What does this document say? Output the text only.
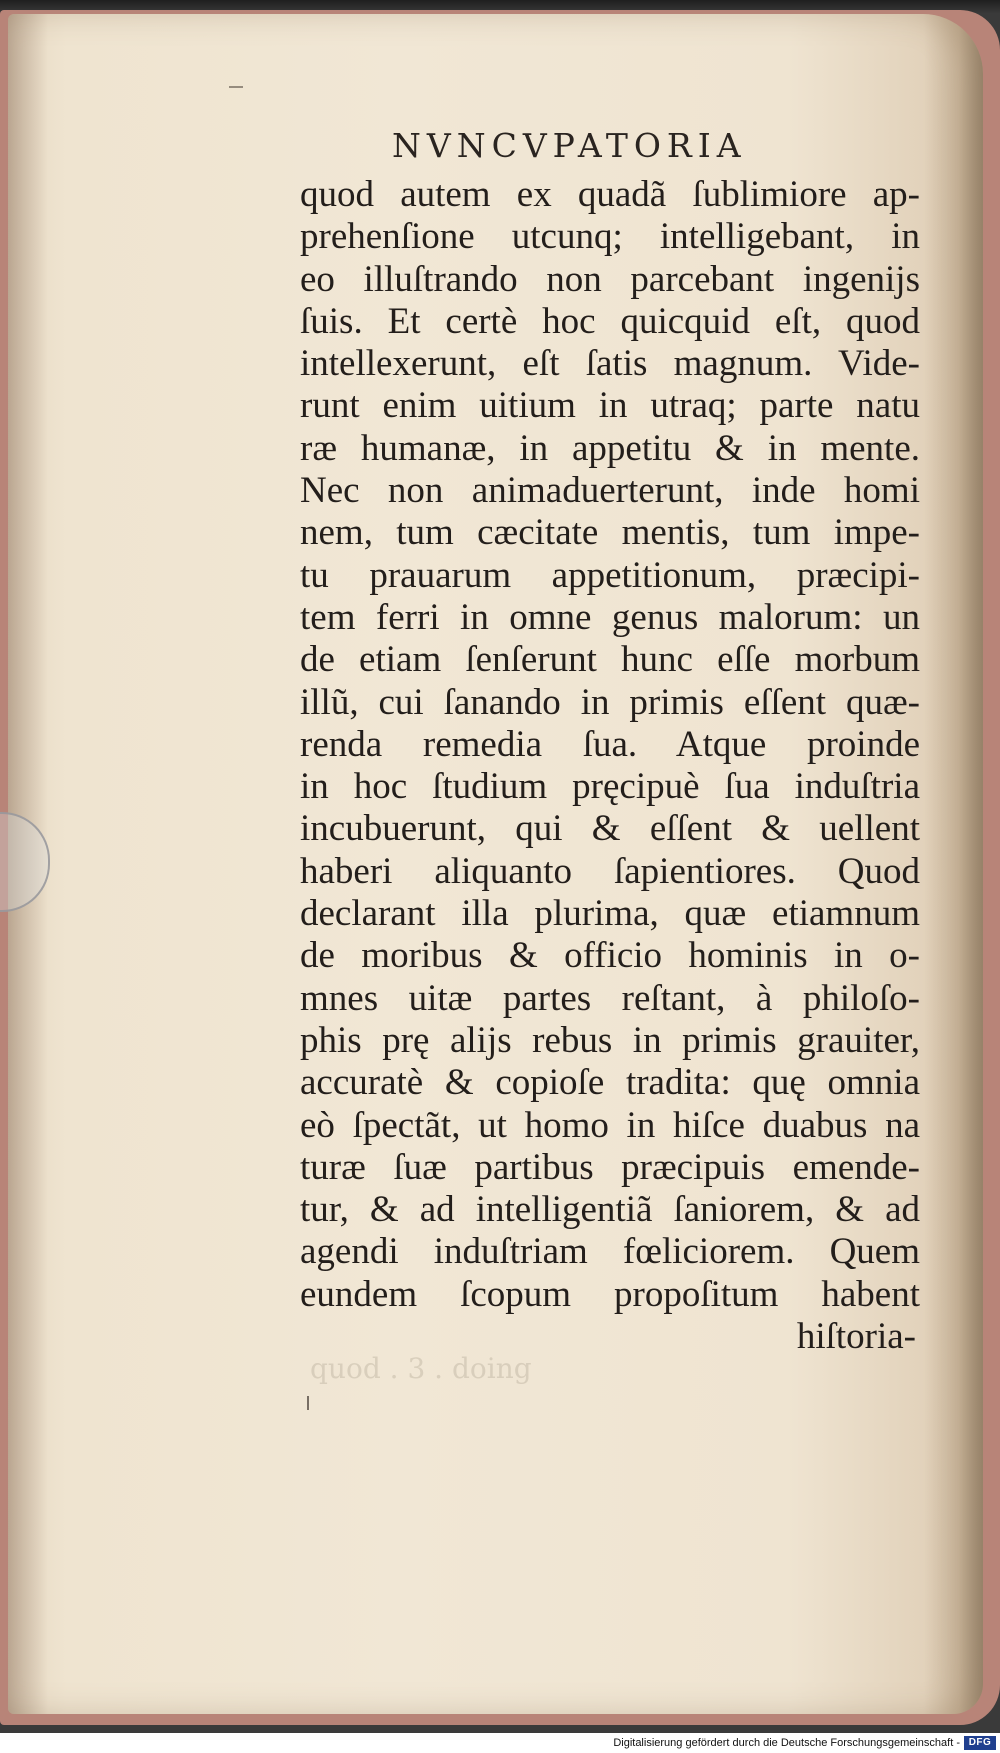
quod . 3 . doing
NVNCVPATORIA
quod autem ex quadã ſublimiore ap-
prehenſione utcunq; intelligebant, in
eo illuſtrando non parcebant ingenijs
ſuis. Et certè hoc quicquid eſt, quod
intellexerunt, eſt ſatis magnum. Vide-
runt enim uitium in utraq; parte natu
ræ humanæ, in appetitu & in mente.
Nec non animaduerterunt, inde homi
nem, tum cæcitate mentis, tum impe-
tu prauarum appetitionum, præcipi-
tem ferri in omne genus malorum: un
de etiam ſenſerunt hunc eſſe morbum
illũ, cui ſanando in primis eſſent quæ-
renda remedia ſua. Atque proinde
in hoc ſtudium pręcipuè ſua induſtria
incubuerunt, qui & eſſent & uellent
haberi aliquanto ſapientiores. Quod
declarant illa plurima, quæ etiamnum
de moribus & officio hominis in o-
mnes uitæ partes reſtant, à philoſo-
phis prę alijs rebus in primis grauiter,
accuratè & copioſe tradita: quę omnia
eò ſpectãt, ut homo in hiſce duabus na
turæ ſuæ partibus præcipuis emende-
tur, & ad intelligentiã ſaniorem, & ad
agendi induſtriam fœliciorem. Quem
eundem ſcopum propoſitum habent
hiſtoria-
Digitalisierung gefördert durch die Deutsche Forschungsgemeinschaft - DFG
